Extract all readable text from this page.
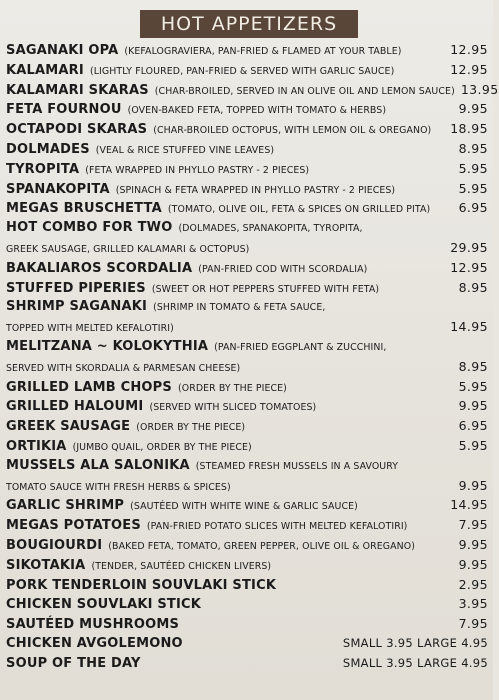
HOT APPETIZERS
SAGANAKI OPA (KEFALOGRAVIERA, PAN-FRIED & FLAMED AT YOUR TABLE)	12.95
KALAMARI (LIGHTLY FLOURED, PAN-FRIED & SERVED WITH GARLIC SAUCE)	12.95
KALAMARI SKARAS (CHAR-BROILED, SERVED IN AN OLIVE OIL AND LEMON SAUCE) 13.95
FETA FOURNOU (OVEN-BAKED FETA, TOPPED WITH TOMATO & HERBS)	9.95
OCTAPODI SKARAS (CHAR-BROILED OCTOPUS, WITH LEMON OIL & OREGANO)	18.95
DOLMADES (VEAL & RICE STUFFED VINE LEAVES)	8.95
TYROPITA (FETA WRAPPED IN PHYLLO PASTRY - 2 PIECES)	5.95
SPANAKOPITA (SPINACH & FETA WRAPPED IN PHYLLO PASTRY - 2 PIECES)	5.95
MEGAS BRUSCHETTA (TOMATO, OLIVE OIL, FETA & SPICES ON GRILLED PITA)	6.95
HOT COMBO FOR TWO (DOLMADES, SPANAKOPITA, TYROPITA,
GREEK SAUSAGE, GRILLED KALAMARI & OCTOPUS)	29.95
BAKALIAROS SCORDALIA (PAN-FRIED COD WITH SCORDALIA)	12.95
STUFFED PIPERIES (SWEET OR HOT PEPPERS STUFFED WITH FETA)	8.95
SHRIMP SAGANAKI (SHRIMP IN TOMATO & FETA SAUCE,
TOPPED WITH MELTED KEFALOTIRI)	14.95
MELITZANA ~ KOLOKYTHIA (PAN-FRIED EGGPLANT & ZUCCHINI,
SERVED WITH SKORDALIA & PARMESAN CHEESE)	8.95
GRILLED LAMB CHOPS (ORDER BY THE PIECE)	5.95
GRILLED HALOUMI (SERVED WITH SLICED TOMATOES)	9.95
GREEK SAUSAGE (ORDER BY THE PIECE)	6.95
ORTIKIA (JUMBO QUAIL, ORDER BY THE PIECE)	5.95
MUSSELS ALA SALONIKA (STEAMED FRESH MUSSELS IN A SAVOURY
TOMATO SAUCE WITH FRESH HERBS & SPICES)	9.95
GARLIC SHRIMP (SAUTÉED WITH WHITE WINE & GARLIC SAUCE)	14.95
MEGAS POTATOES (PAN-FRIED POTATO SLICES WITH MELTED KEFALOTIRI)	7.95
BOUGIOURDI (BAKED FETA, TOMATO, GREEN PEPPER, OLIVE OIL & OREGANO)	9.95
SIKOTAKIA (TENDER, SAUTÉED CHICKEN LIVERS)	9.95
PORK TENDERLOIN SOUVLAKI STICK	2.95
CHICKEN SOUVLAKI STICK	3.95
SAUTÉED MUSHROOMS	7.95
CHICKEN AVGOLEMONO	SMALL 3.95 LARGE 4.95
SOUP OF THE DAY	SMALL 3.95 LARGE 4.95
